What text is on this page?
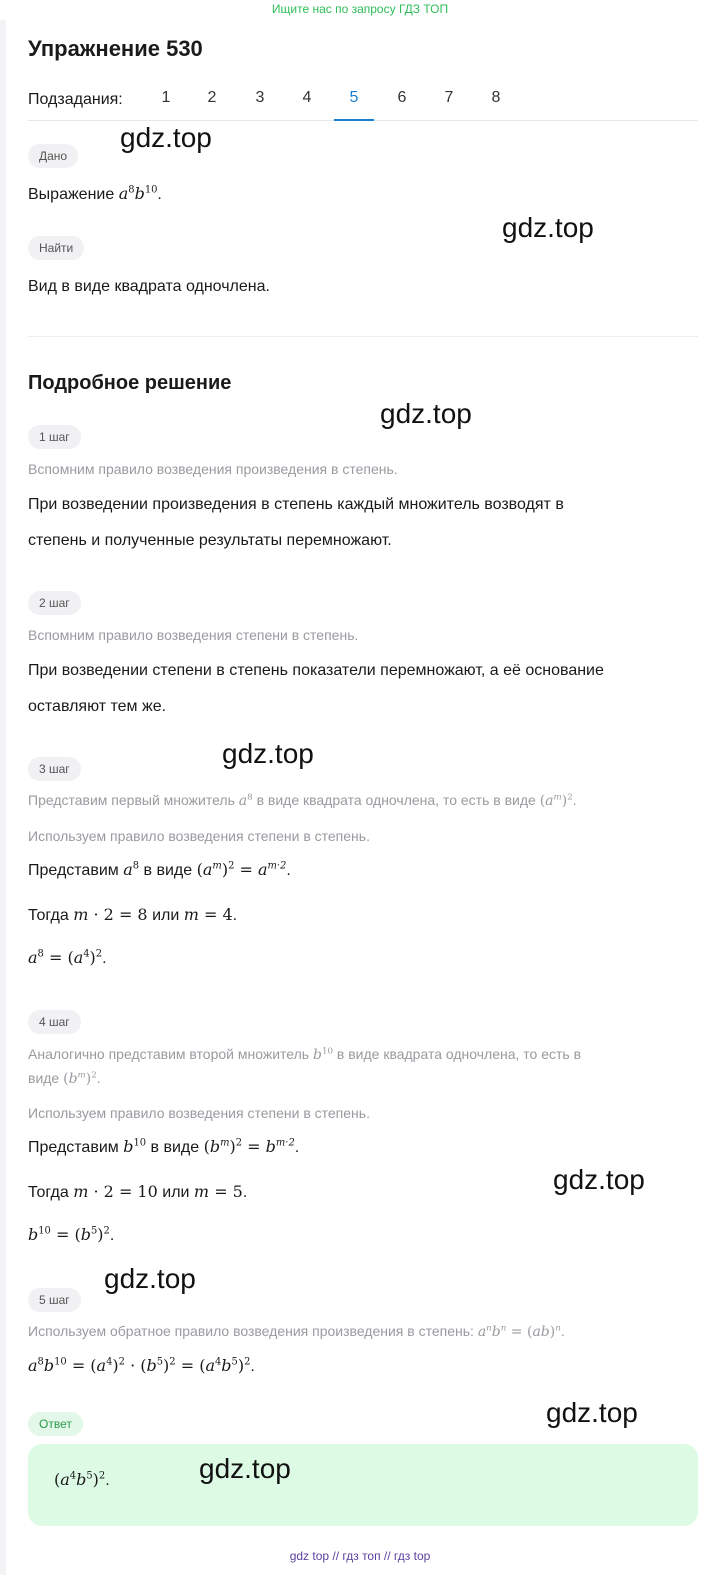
Ищите нас по запросу ГДЗ ТОП
Упражнение 530
Подзадания:	1	2	3	4	5	6	7	8
Дано
Выражение $a^8b^{10}$.
Найти
Вид в виде квадрата одночлена.
Подробное решение
1 шаг
Вспомним правило возведения произведения в степень.
При возведении произведения в степень каждый множитель возводят в
степень и полученные результаты перемножают.
2 шаг
Вспомним правило возведения степени в степень.
При возведении степени в степень показатели перемножают, а её основание
оставляют тем же.
3 шаг
Представим первый множитель $a^8$ в виде квадрата одночлена, то есть в виде $(a^m)^2$.
Используем правило возведения степени в степень.
Представим $a^8$ в виде $(a^m)^2 = a^{m\cdot 2}$.
Тогда m · 2 = 8 или m = 4.
$a^8 = (a^4)^2$.
4 шаг
Аналогично представим второй множитель $b^{10}$ в виде квадрата одночлена, то есть в
виде $(b^m)^2$.
Используем правило возведения степени в степень.
Представим $b^{10}$ в виде $(b^m)^2 = b^{m\cdot 2}$.
Тогда m · 2 = 10 или m = 5.
$b^{10} = (b^5)^2$.
5 шаг
Используем обратное правило возведения произведения в степень: $a^nb^n = (ab)^n$.
$a^8b^{10} = (a^4)^2 \cdot (b^5)^2 = (a^4b^5)^2$.
Ответ
$(a^4b^5)^2$.
gdz.top
gdz.top
gdz.top
gdz.top
gdz.top
gdz.top
gdz.top
gdz.top
gdz top // гдз топ // гдз top
